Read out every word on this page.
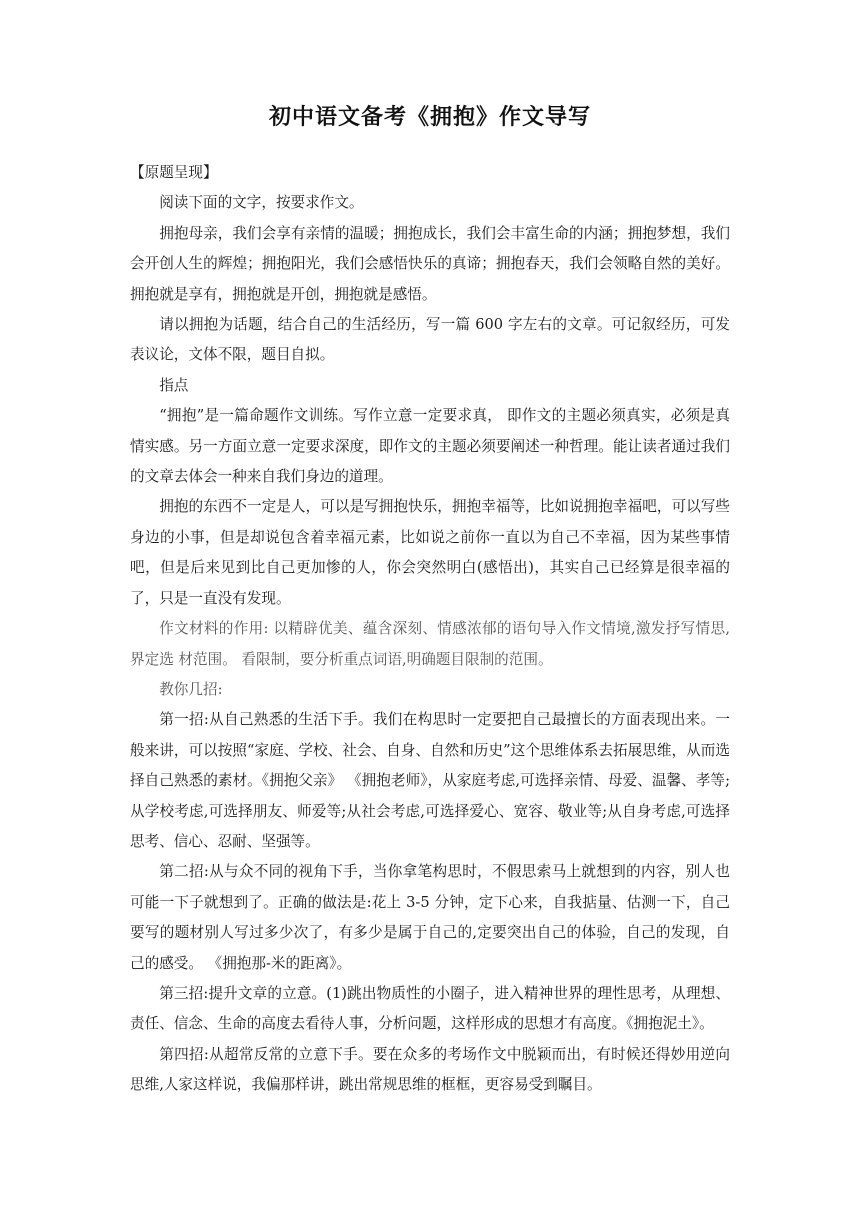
初中语文备考《拥抱》作文导写

【原题呈现】

阅读下面的文字，按要求作文。

拥抱母亲，我们会享有亲情的温暖；拥抱成长，我们会丰富生命的内涵；拥抱梦想，我们会开创人生的辉煌；拥抱阳光，我们会感悟快乐的真谛；拥抱春天，我们会领略自然的美好。拥抱就是享有，拥抱就是开创，拥抱就是感悟。

请以拥抱为话题，结合自己的生活经历，写一篇 600 字左右的文章。可记叙经历，可发表议论，文体不限，题目自拟。

指点

“拥抱”是一篇命题作文训练。写作立意一定要求真， 即作文的主题必须真实，必须是真情实感。另一方面立意一定要求深度，即作文的主题必须要阐述一种哲理。能让读者通过我们的文章去体会一种来自我们身边的道理。

拥抱的东西不一定是人，可以是写拥抱快乐，拥抱幸福等，比如说拥抱幸福吧，可以写些身边的小事，但是却说包含着幸福元素，比如说之前你一直以为自己不幸福，因为某些事情吧，但是后来见到比自己更加惨的人，你会突然明白(感悟出)，其实自己已经算是很幸福的了，只是一直没有发现。

作文材料的作用: 以精辟优美、蕴含深刻、情感浓郁的语句导入作文情境,激发抒写情思,界定选 材范围。 看限制，要分析重点词语,明确题目限制的范围。

教你几招:

第一招:从自己熟悉的生活下手。我们在构思时一定要把自己最擅长的方面表现出来。一般来讲，可以按照“家庭、学校、社会、自身、自然和历史”这个思维体系去拓展思维，从而选择自己熟悉的素材。《拥抱父亲》 《拥抱老师》，从家庭考虑,可选择亲情、母爱、温馨、孝等;从学校考虑,可选择朋友、师爱等;从社会考虑,可选择爱心、宽容、敬业等;从自身考虑,可选择思考、信心、忍耐、坚强等。

第二招:从与众不同的视角下手，当你拿笔构思时，不假思索马上就想到的内容，别人也可能一下子就想到了。正确的做法是:花上 3-5 分钟，定下心来，自我掂量、估测一下，自己要写的题材别人写过多少次了，有多少是属于自己的,定要突出自己的体验，自己的发现，自己的感受。 《拥抱那-米的距离》。

第三招:提升文章的立意。(1)跳出物质性的小圈子，进入精神世界的理性思考，从理想、责任、信念、生命的高度去看待人事，分析问题，这样形成的思想才有高度。《拥抱泥土》。

第四招:从超常反常的立意下手。要在众多的考场作文中脱颖而出，有时候还得妙用逆向思维,人家这样说，我偏那样讲，跳出常规思维的框框，更容易受到瞩目。
